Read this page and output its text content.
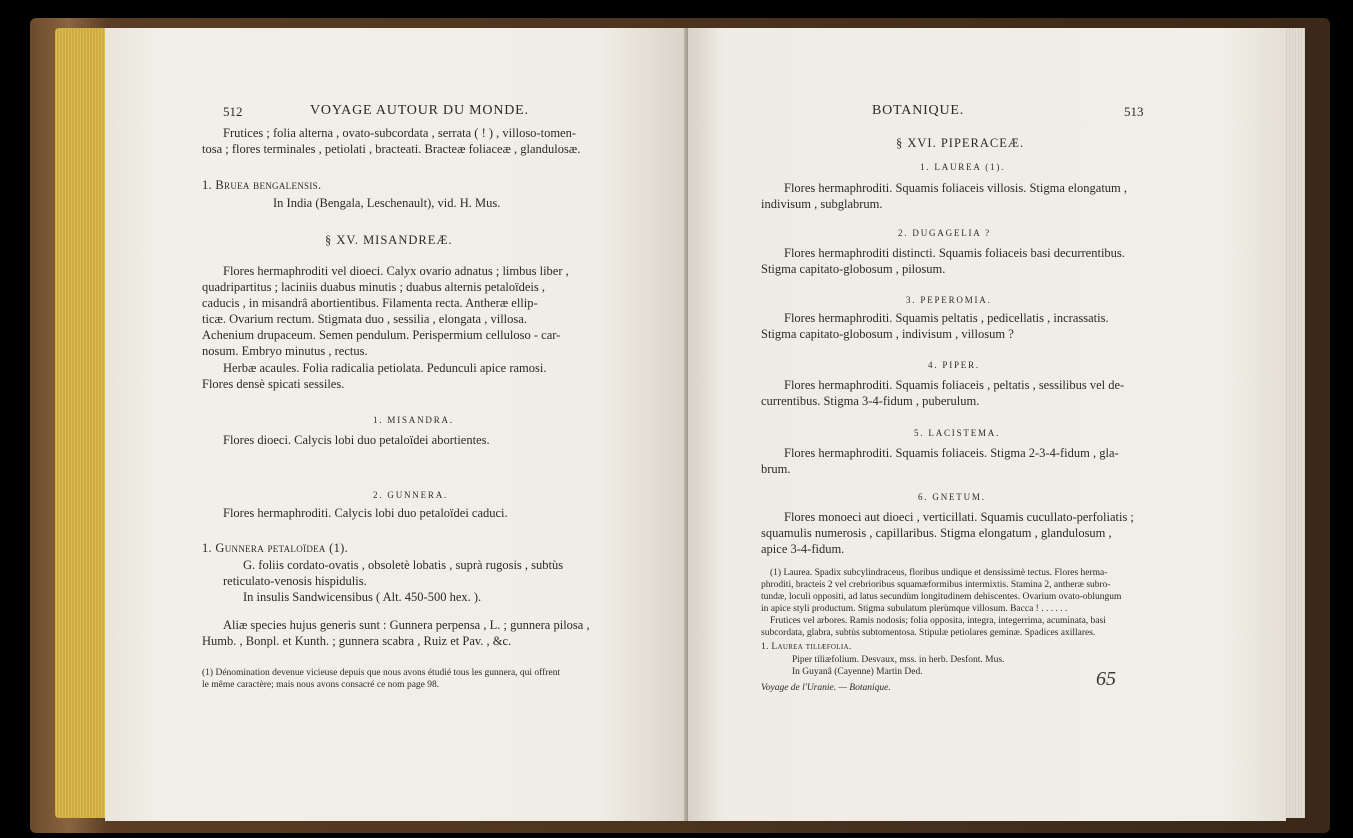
512	VOYAGE AUTOUR DU MONDE.
Frutices ; folia alterna , ovato-subcordata , serrata ( ! ) , villoso-tomen-
tosa ; flores terminales , petiolati , bracteati. Bracteæ foliaceæ , glandulosæ.
1. Bruea bengalensis.
In India (Bengala, Leschenault), vid. H. Mus.
§ XV. MISANDREÆ.
Flores hermaphroditi vel dioeci. Calyx ovario adnatus ; limbus liber ,
quadripartitus ; laciniis duabus minutis ; duabus alternis petaloïdeis ,
caducis , in misandrâ abortientibus. Filamenta recta. Antheræ ellip-
ticæ. Ovarium rectum. Stigmata duo , sessilia , elongata , villosa.
Achenium drupaceum. Semen pendulum. Perispermium celluloso - car-
nosum. Embryo minutus , rectus.
Herbæ acaules. Folia radicalia petiolata. Pedunculi apice ramosi.
Flores densè spicati sessiles.
1. MISANDRA.
Flores dioeci. Calycis lobi duo petaloïdei abortientes.
2. GUNNERA.
Flores hermaphroditi. Calycis lobi duo petaloïdei caduci.
1. Gunnera petaloïdea (1).
G. foliis cordato-ovatis , obsoletè lobatis , suprà rugosis , subtùs
reticulato-venosis hispidulis.
In insulis Sandwicensibus ( Alt. 450-500 hex. ).
Aliæ species hujus generis sunt : Gunnera perpensa , L. ; gunnera pilosa ,
Humb. , Bonpl. et Kunth. ; gunnera scabra , Ruiz et Pav. , &c.
(1) Dénomination devenue vicieuse depuis que nous avons étudié tous les gunnera, qui offrent
le même caractère; mais nous avons consacré ce nom page 98.
BOTANIQUE.	513
§ XVI. PIPERACEÆ.
1. LAUREA (1).
Flores hermaphroditi. Squamis foliaceis villosis. Stigma elongatum ,
indivisum , subglabrum.
2. DUGAGELIA ?
Flores hermaphroditi distincti. Squamis foliaceis basi decurrentibus.
Stigma capitato-globosum , pilosum.
3. PEPEROMIA.
Flores hermaphroditi. Squamis peltatis , pedicellatis , incrassatis.
Stigma capitato-globosum , indivisum , villosum ?
4. PIPER.
Flores hermaphroditi. Squamis foliaceis , peltatis , sessilibus vel de-
currentibus. Stigma 3-4-fidum , puberulum.
5. LACISTEMA.
Flores hermaphroditi. Squamis foliaceis. Stigma 2-3-4-fidum , gla-
brum.
6. GNETUM.
Flores monoeci aut dioeci , verticillati. Squamis cucullato-perfoliatis ;
squamulis numerosis , capillaribus. Stigma elongatum , glandulosum ,
apice 3-4-fidum.
(1) Laurea. Spadix subcylindraceus, floribus undique et densissimè tectus. Flores herma-
phroditi, bracteis 2 vel crebrioribus squamæformibus intermixtis. Stamina 2, antheræ subro-
tundæ, loculi oppositi, ad latus secundùm longitudinem dehiscentes. Ovarium ovato-oblungum
in apice styli productum. Stigma subulatum plerùmque villosum. Bacca ! . . . . . .
Frutices vel arbores. Ramis nodosis; folia opposita, integra, integerrima, acuminata, basi
subcordata, glabra, subtùs subtomentosa. Stipulæ petiolares geminæ. Spadices axillares.
1. Laurea tiliæfolia.
Piper tiliæfolium. Desvaux, mss. in herb. Desfont. Mus.
In Guyanâ (Cayenne) Martin Ded.
Voyage de l'Uranie. — Botanique.	65
